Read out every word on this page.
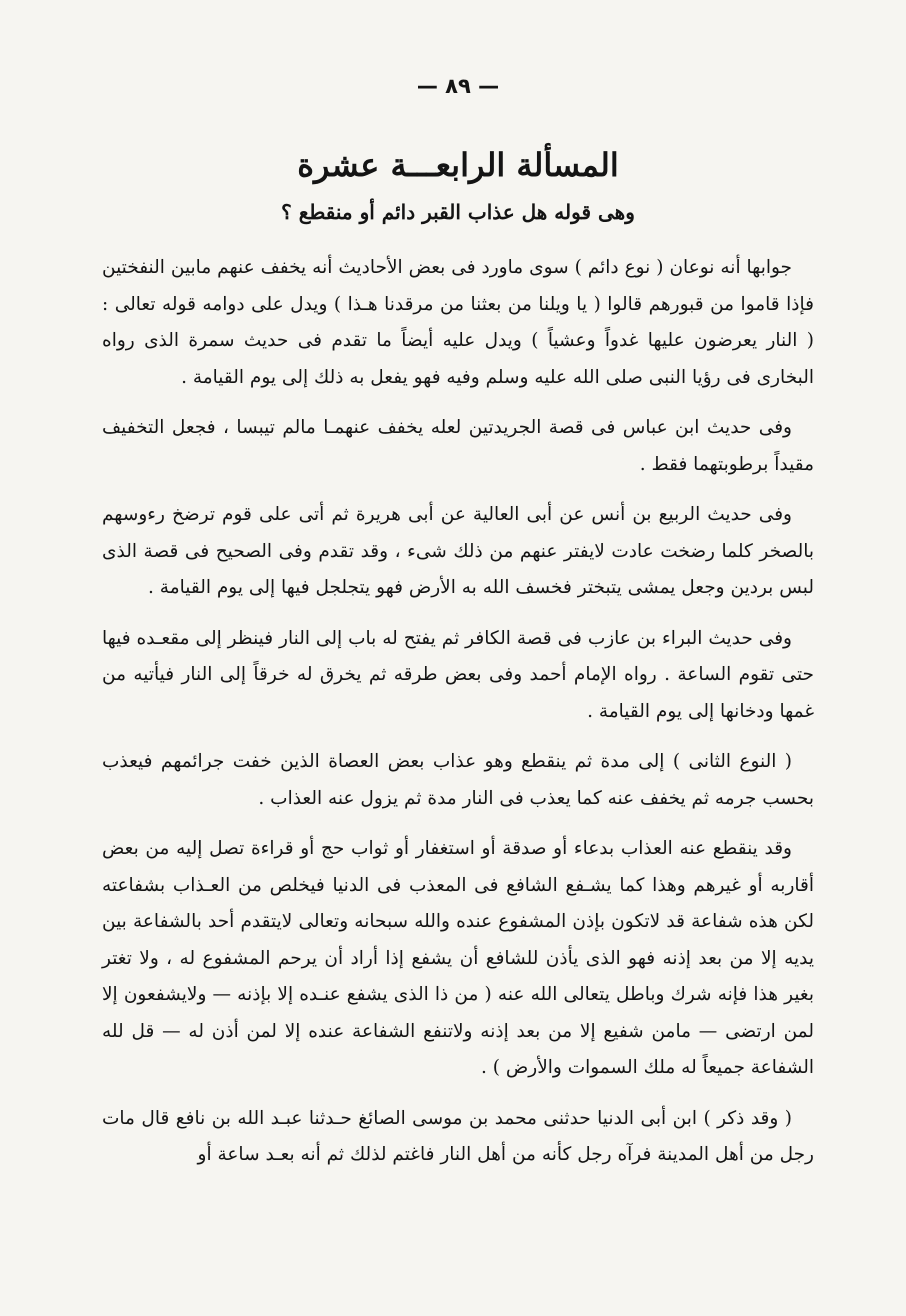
— ٨٩ —
المسألة الرابعـــة عشرة
وهى قوله هل عذاب القبر دائم أو منقطع ؟

جوابها أنه نوعان ( نوع دائم ) سوى ماورد فى بعض الأحاديث أنه يخفف عنهم مابين النفختين فإذا قاموا من قبورهم قالوا ( يا ويلنا من بعثنا من مرقدنا هـذا ) ويدل على دوامه قوله تعالى : ( النار يعرضون عليها غدواً وعشياً ) ويدل عليه أيضاً ما تقدم فى حديث سمرة الذى رواه البخارى فى رؤيا النبى صلى الله عليه وسلم وفيه فهو يفعل به ذلك إلى يوم القيامة .

وفى حديث ابن عباس فى قصة الجريدتين لعله يخفف عنهمـا مالم تيبسا ، فجعل التخفيف مقيداً برطوبتهما فقط .

وفى حديث الربيع بن أنس عن أبى العالية عن أبى هريرة ثم أتى على قوم ترضخ رءوسهم بالصخر كلما رضخت عادت لايفتر عنهم من ذلك شىء ، وقد تقدم وفى الصحيح فى قصة الذى لبس بردين وجعل يمشى يتبختر فخسف الله به الأرض فهو يتجلجل فيها إلى يوم القيامة .

وفى حديث البراء بن عازب فى قصة الكافر ثم يفتح له باب إلى النار فينظر إلى مقعـده فيها حتى تقوم الساعة . رواه الإمام أحمد وفى بعض طرقه ثم يخرق له خرقاً إلى النار فيأتيه من غمها ودخانها إلى يوم القيامة .

( النوع الثانى ) إلى مدة ثم ينقطع وهو عذاب بعض العصاة الذين خفت جرائمهم فيعذب بحسب جرمه ثم يخفف عنه كما يعذب فى النار مدة ثم يزول عنه العذاب .

وقد ينقطع عنه العذاب بدعاء أو صدقة أو استغفار أو ثواب حج أو قراءة تصل إليه من بعض أقاربه أو غيرهم وهذا كما يشـفع الشافع فى المعذب فى الدنيا فيخلص من العـذاب بشفاعته لكن هذه شفاعة قد لاتكون بإذن المشفوع عنده والله سبحانه وتعالى لايتقدم أحد بالشفاعة بين يديه إلا من بعد إذنه فهو الذى يأذن للشافع أن يشفع إذا أراد أن يرحم المشفوع له ، ولا تغتر بغير هذا فإنه شرك وباطل يتعالى الله عنه ( من ذا الذى يشفع عنـده إلا بإذنه — ولايشفعون إلا لمن ارتضى — مامن شفيع إلا من بعد إذنه ولاتنفع الشفاعة عنده إلا لمن أذن له — قل لله الشفاعة جميعاً له ملك السموات والأرض ) .

( وقد ذكر ) ابن أبى الدنيا حدثنى محمد بن موسى الصائغ حـدثنا عبـد الله بن نافع قال مات رجل من أهل المدينة فرآه رجل كأنه من أهل النار فاغتم لذلك ثم أنه بعـد ساعة أو
